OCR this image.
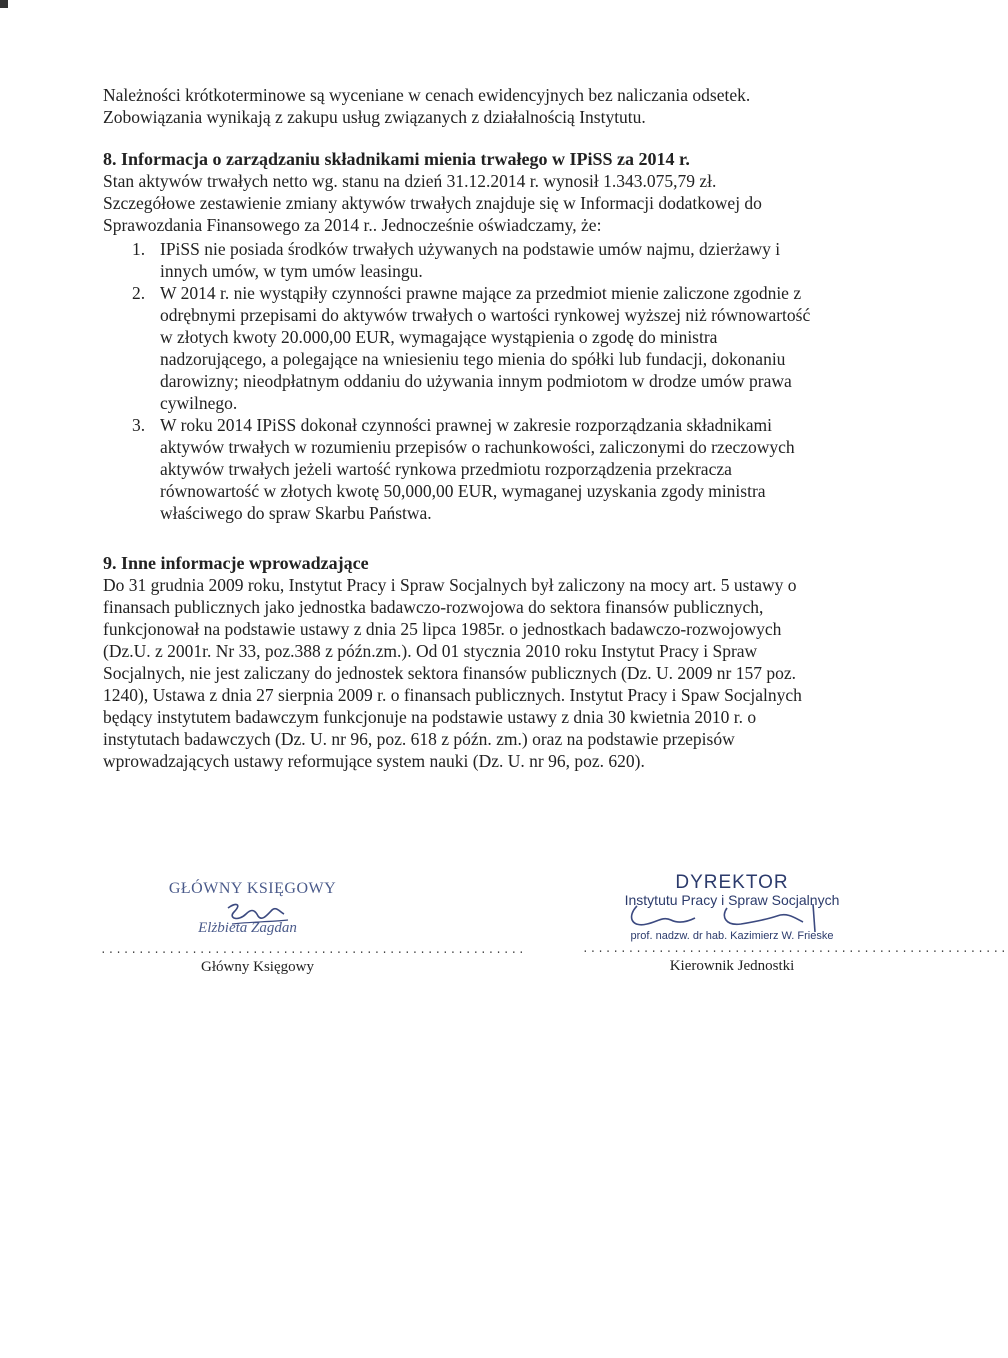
Należności krótkoterminowe są wyceniane w cenach ewidencyjnych bez naliczania odsetek.
Zobowiązania wynikają z zakupu usług związanych z działalnością Instytutu.
8. Informacja o zarządzaniu składnikami mienia trwałego w IPiSS za 2014 r.
Stan aktywów trwałych netto wg. stanu na dzień 31.12.2014 r. wynosił 1.343.075,79 zł.
Szczegółowe zestawienie zmiany aktywów trwałych znajduje się w Informacji dodatkowej do
Sprawozdania Finansowego za 2014 r.. Jednocześnie oświadczamy, że:
1. IPiSS nie posiada środków trwałych używanych na podstawie umów najmu, dzierżawy i
innych umów, w tym umów leasingu.
2. W 2014 r. nie wystąpiły czynności prawne mające za przedmiot mienie zaliczone zgodnie z
odrębnymi przepisami do aktywów trwałych o wartości rynkowej wyższej niż równowartość
w złotych kwoty 20.000,00 EUR, wymagające wystąpienia o zgodę do ministra
nadzorującego, a polegające na wniesieniu tego mienia do spółki lub fundacji, dokonaniu
darowizny; nieodpłatnym oddaniu do używania innym podmiotom w drodze umów prawa
cywilnego.
3. W roku 2014 IPiSS dokonał czynności prawnej w zakresie rozporządzania składnikami
aktywów trwałych w rozumieniu przepisów o rachunkowości, zaliczonymi do rzeczowych
aktywów trwałych jeżeli wartość rynkowa przedmiotu rozporządzenia przekracza
równowartość w złotych kwotę 50,000,00 EUR, wymaganej uzyskania zgody ministra
właściwego do spraw Skarbu Państwa.
9. Inne informacje wprowadzające
Do 31 grudnia 2009 roku, Instytut Pracy i Spraw Socjalnych był zaliczony na mocy art. 5 ustawy o
finansach publicznych jako jednostka badawczo-rozwojowa do sektora finansów publicznych,
funkcjonował na podstawie ustawy z dnia 25 lipca 1985r. o jednostkach badawczo-rozwojowych
(Dz.U. z 2001r. Nr 33, poz.388 z późn.zm.). Od 01 stycznia 2010 roku Instytut Pracy i Spraw
Socjalnych, nie jest zaliczany do jednostek sektora finansów publicznych (Dz. U. 2009 nr 157 poz.
1240), Ustawa z dnia 27 sierpnia 2009 r. o finansach publicznych. Instytut Pracy i Spaw Socjalnych
będący instytutem badawczym funkcjonuje na podstawie ustawy z dnia 30 kwietnia 2010 r. o
instytutach badawczych (Dz. U. nr 96, poz. 618 z późn. zm.) oraz na podstawie przepisów
wprowadzających ustawy reformujące system nauki (Dz. U. nr 96, poz. 620).
GŁÓWNY KSIĘGOWY
Elżbieta Zagdan
........................................................
Główny Księgowy
DYREKTOR
Instytutu Pracy i Spraw Socjalnych
prof. nadzw. dr hab. Kazimierz W. Frieske
........................................................
Kierownik Jednostki
